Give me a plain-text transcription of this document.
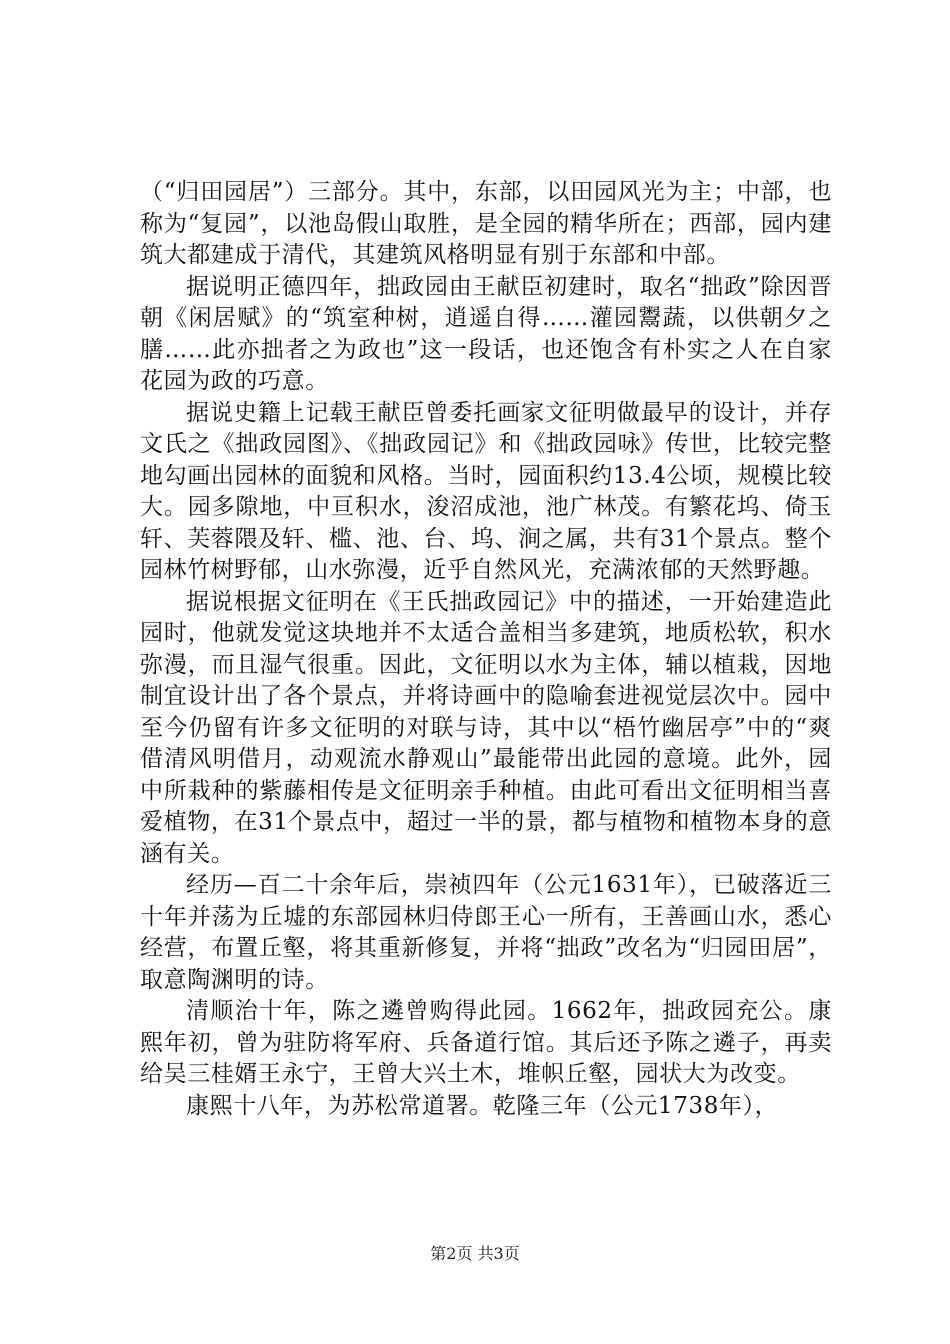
（“归田园居”）三部分。其中，东部，以田园风光为主；中部，也称为“复园”，以池岛假山取胜，是全园的精华所在；西部，园内建筑大都建成于清代，其建筑风格明显有别于东部和中部。

据说明正德四年，拙政园由王献臣初建时，取名“拙政”除因晋朝《闲居赋》的“筑室种树，逍遥自得……灌园鬻蔬，以供朝夕之膳……此亦拙者之为政也”这一段话，也还饱含有朴实之人在自家花园为政的巧意。

据说史籍上记载王献臣曾委托画家文征明做最早的设计，并存文氏之《拙政园图》、《拙政园记》和《拙政园咏》传世，比较完整地勾画出园林的面貌和风格。当时，园面积约13.4公顷，规模比较大。园多隙地，中亘积水，浚沼成池，池广林茂。有繁花坞、倚玉轩、芙蓉隈及轩、槛、池、台、坞、涧之属，共有31个景点。整个园林竹树野郁，山水弥漫，近乎自然风光，充满浓郁的天然野趣。

据说根据文征明在《王氏拙政园记》中的描述，一开始建造此园时，他就发觉这块地并不太适合盖相当多建筑，地质松软，积水弥漫，而且湿气很重。因此，文征明以水为主体，辅以植栽，因地制宜设计出了各个景点，并将诗画中的隐喻套进视觉层次中。园中至今仍留有许多文征明的对联与诗，其中以“梧竹幽居亭”中的“爽借清风明借月，动观流水静观山”最能带出此园的意境。此外，园中所栽种的紫藤相传是文征明亲手种植。由此可看出文征明相当喜爱植物，在31个景点中，超过一半的景，都与植物和植物本身的意涵有关。

经历—百二十余年后，崇祯四年（公元1631年），已破落近三十年并荡为丘墟的东部园林归侍郎王心一所有，王善画山水，悉心经营，布置丘壑，将其重新修复，并将“拙政”改名为“归园田居”，取意陶渊明的诗。

清顺治十年，陈之遴曾购得此园。1662年，拙政园充公。康熙年初，曾为驻防将军府、兵备道行馆。其后还予陈之遴子，再卖给吴三桂婿王永宁，王曾大兴土木，堆帜丘壑，园状大为改变。

康熙十八年，为苏松常道署。乾隆三年（公元1738年），

第2页 共3页
